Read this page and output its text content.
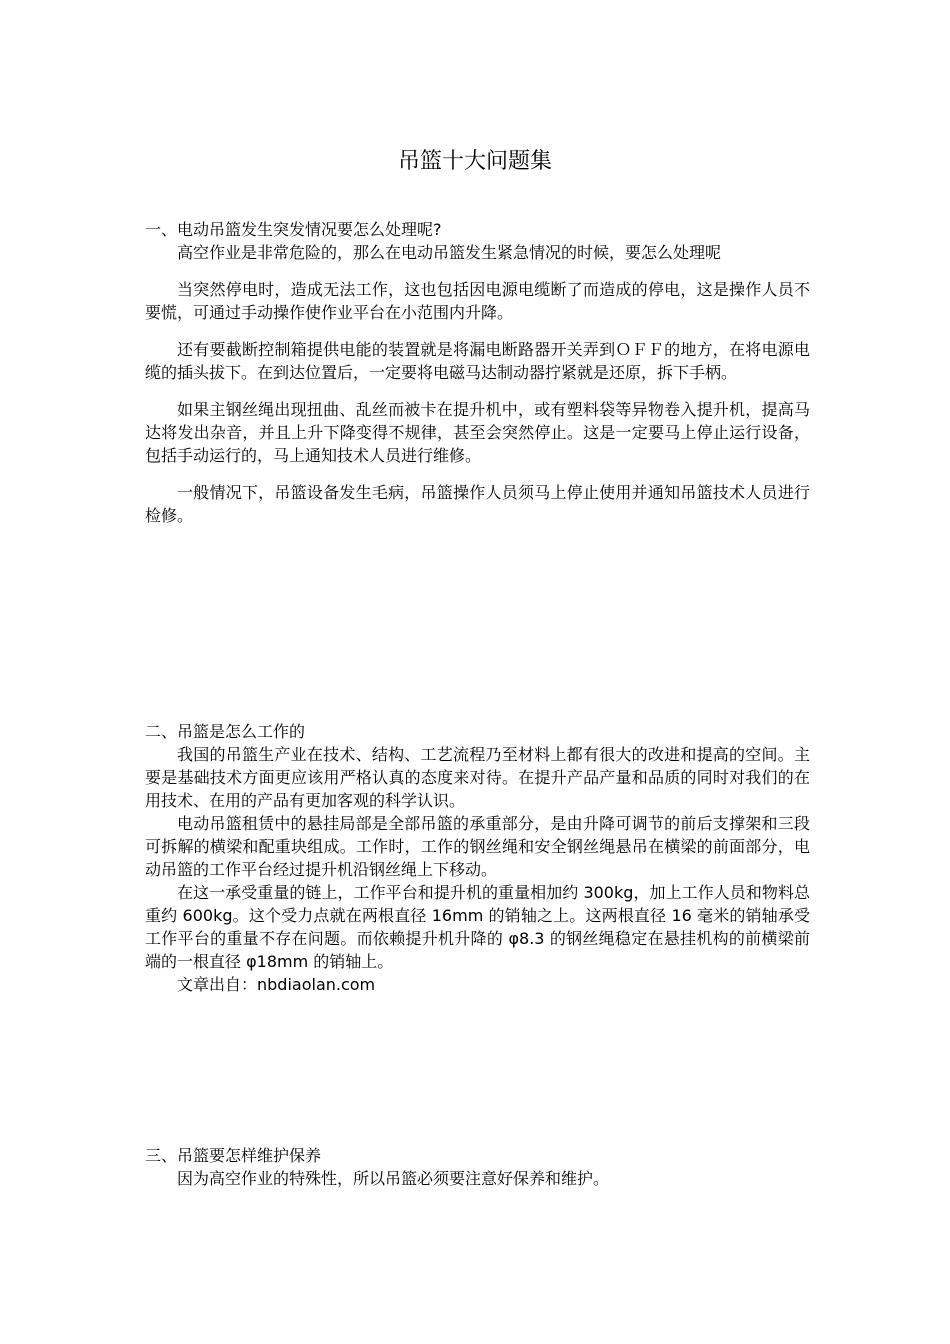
吊篮十大问题集

一、电动吊篮发生突发情况要怎么处理呢?

高空作业是非常危险的，那么在电动吊篮发生紧急情况的时候，要怎么处理呢

当突然停电时，造成无法工作，这也包括因电源电缆断了而造成的停电，这是操作人员不要慌，可通过手动操作使作业平台在小范围内升降。

还有要截断控制箱提供电能的装置就是将漏电断路器开关弄到ＯＦＦ的地方，在将电源电缆的插头拔下。在到达位置后，一定要将电磁马达制动器拧紧就是还原，拆下手柄。

如果主钢丝绳出现扭曲、乱丝而被卡在提升机中，或有塑料袋等异物卷入提升机，提高马达将发出杂音，并且上升下降变得不规律，甚至会突然停止。这是一定要马上停止运行设备，包括手动运行的，马上通知技术人员进行维修。

一般情况下，吊篮设备发生毛病，吊篮操作人员须马上停止使用并通知吊篮技术人员进行检修。

二、吊篮是怎么工作的

我国的吊篮生产业在技术、结构、工艺流程乃至材料上都有很大的改进和提高的空间。主要是基础技术方面更应该用严格认真的态度来对待。在提升产品产量和品质的同时对我们的在用技术、在用的产品有更加客观的科学认识。

电动吊篮租赁中的悬挂局部是全部吊篮的承重部分，是由升降可调节的前后支撑架和三段可拆解的横梁和配重块组成。工作时，工作的钢丝绳和安全钢丝绳悬吊在横梁的前面部分，电动吊篮的工作平台经过提升机沿钢丝绳上下移动。

在这一承受重量的链上，工作平台和提升机的重量相加约 300kg，加上工作人员和物料总重约 600kg。这个受力点就在两根直径 16mm 的销轴之上。这两根直径 16 毫米的销轴承受工作平台的重量不存在问题。而依赖提升机升降的 φ8.3 的钢丝绳稳定在悬挂机构的前横梁前端的一根直径 φ18mm 的销轴上。

文章出自：nbdiaolan.com

三、吊篮要怎样维护保养

因为高空作业的特殊性，所以吊篮必须要注意好保养和维护。
